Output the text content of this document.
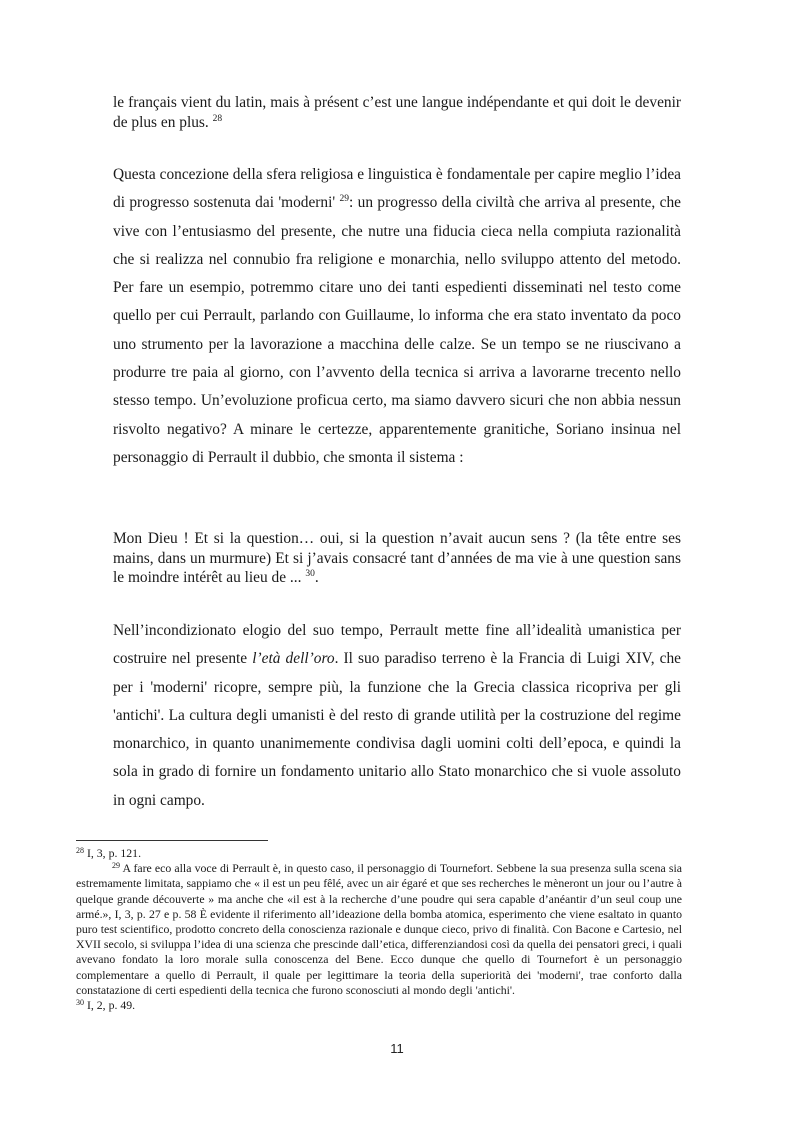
le français vient du latin, mais à présent c’est une langue indépendante et qui doit le devenir de plus en plus. $^{28}$

Questa concezione della sfera religiosa e linguistica è fondamentale per capire meglio l’idea di progresso sostenuta dai 'moderni' $^{29}$: un progresso della civiltà che arriva al presente, che vive con l’entusiasmo del presente, che nutre una fiducia cieca nella compiuta razionalità che si realizza nel connubio fra religione e monarchia, nello sviluppo attento del metodo. Per fare un esempio, potremmo citare uno dei tanti espedienti disseminati nel testo come quello per cui Perrault, parlando con Guillaume, lo informa che era stato inventato da poco uno strumento per la lavorazione a macchina delle calze. Se un tempo se ne riuscivano a produrre tre paia al giorno, con l’avvento della tecnica si arriva a lavorarne trecento nello stesso tempo. Un’evoluzione proficua certo, ma siamo davvero sicuri che non abbia nessun risvolto negativo? A minare le certezze, apparentemente granitiche, Soriano insinua nel personaggio di Perrault il dubbio, che smonta il sistema :

Mon Dieu ! Et si la question… oui, si la question n’avait aucun sens ? (la tête entre ses mains, dans un murmure) Et si j’avais consacré tant d’années de ma vie à une question sans le moindre intérêt au lieu de ... $^{30}$.

Nell’incondizionato elogio del suo tempo, Perrault mette fine all’idealità umanistica per costruire nel presente l’età dell’oro. Il suo paradiso terreno è la Francia di Luigi XIV, che per i 'moderni' ricopre, sempre più, la funzione che la Grecia classica ricopriva per gli 'antichi'. La cultura degli umanisti è del resto di grande utilità per la costruzione del regime monarchico, in quanto unanimemente condivisa dagli uomini colti dell’epoca, e quindi la sola in grado di fornire un fondamento unitario allo Stato monarchico che si vuole assoluto in ogni campo.

$^{28}$ I, 3, p. 121.

$^{29}$ A fare eco alla voce di Perrault è, in questo caso, il personaggio di Tournefort. Sebbene la sua presenza sulla scena sia estremamente limitata, sappiamo che « il est un peu fêlé, avec un air égaré et que ses recherches le mèneront un jour ou l’autre à quelque grande découverte » ma anche che «il est à la recherche d’une poudre qui sera capable d’anéantir d’un seul coup une armé.», I, 3, p. 27 e p. 58 È evidente il riferimento all’ideazione della bomba atomica, esperimento che viene esaltato in quanto puro test scientifico, prodotto concreto della conoscienza razionale e dunque cieco, privo di finalità. Con Bacone e Cartesio, nel XVII secolo, si sviluppa l’idea di una scienza che prescinde dall’etica, differenziandosi così da quella dei pensatori greci, i quali avevano fondato la loro morale sulla conoscenza del Bene. Ecco dunque che quello di Tournefort è un personaggio complementare a quello di Perrault, il quale per legittimare la teoria della superiorità dei 'moderni', trae conforto dalla constatazione di certi espedienti della tecnica che furono sconosciuti al mondo degli 'antichi'.

$^{30}$ I, 2, p. 49.

11
